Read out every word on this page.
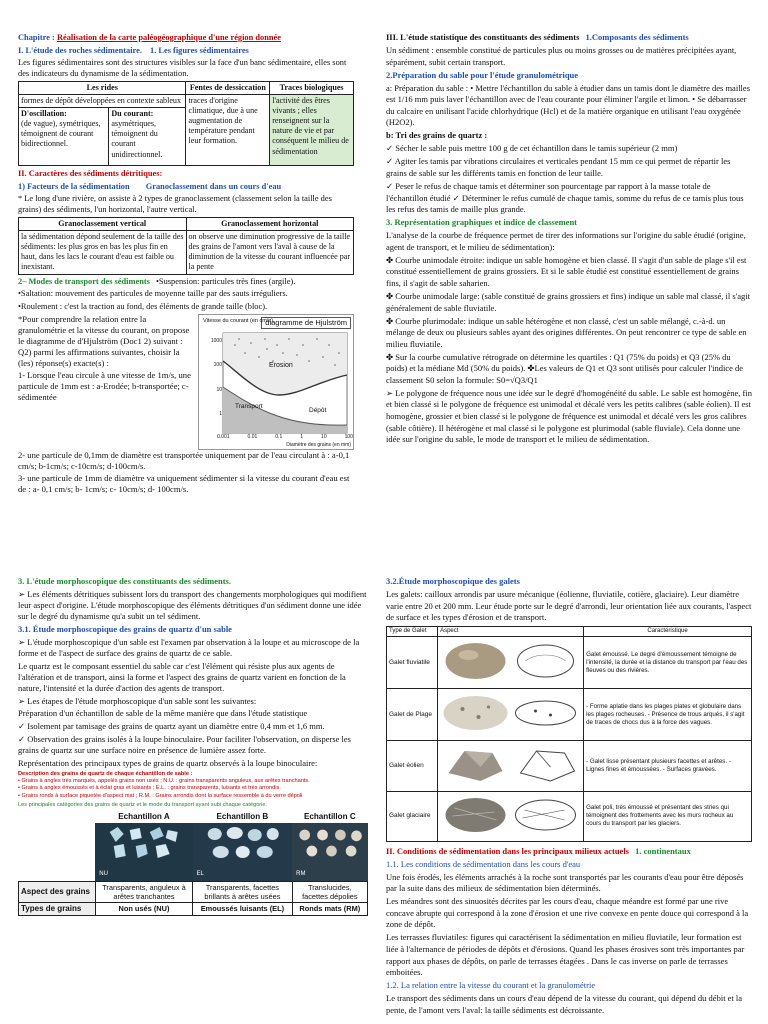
Chapitre : Réalisation de la carte paléogéographique d'une région donnée

I. L'étude des roches sédimentaire. 1. Les figures sédimentaires

Les figures sédimentaires sont des structures visibles sur la face d'un banc sédimentaire, elles sont des indicateurs du dynamisme de la sédimentation.

Les rides		Fentes de dessiccation	Traces biologiques
formes de dépôt développées en contexte sableux		traces d'origine climatique, due à une augmentation de température pendant leur formation.	l'activité des êtres vivants ; elles renseignent sur la nature de vie et par conséquent le milieu de sédimentation
D'oscillation:
(de vague), symétriques, témoignent de courant bidirectionnel.	Du courant:
asymétriques, témoignent du courant unidirectionnel.		

II. Caractères des sédiments détritiques:

1) Facteurs de la sédimentation Granoclassement dans un cours d'eau

* Le long d'une rivière, on assiste à 2 types de granoclassement (classement selon la taille des grains) des sédiments, l'un horizontal, l'autre vertical.

Granoclassement vertical	Granoclassement horizontal
la sédimentation dépond seulement de la taille des sédiments: les plus gros en bas les plus fin en haut, dans les lacs le courant d'eau est faible ou inexistant.	on observe une diminution progressive de la taille des grains de l'amont vers l'aval à cause de la diminution de la vitesse du courant influencée par la pente

2– Modes de transport des sédiments •Suspension: particules très fines (argile).

•Saltation: mouvement des particules de moyenne taille par des sauts irréguliers.

•Roulement : c'est la traction au fond, des éléments de grande taille (bloc).

*Pour comprendre la relation entre la granulométrie et la vitesse du courant, on propose le diagramme de d'Hjulström (Doc1 2) suivant : Q2) parmi les affirmations suivantes, choisir la (les) réponse(s) exacte(s) :

1- Lorsque l'eau circule à une vitesse de 1m/s, une particule de 1mm est : a-Erodée; b-transportée; c-sédimentée

diagramme de Hjulström
Vitesse du courant (en cm/s)
Erosion
Transport
Dépôt
1000
100
10
1
0.001	0.01	0.1	1	10	100
Diamètre des grains (en mm)

2- une particule de 0,1mm de diamètre est transportée uniquement par de l'eau circulant à : a-0,1 cm/s; b-1cm/s; c-10cm/s; d-100cm/s.

3- une particule de 1mm de diamètre va uniquement sédimenter si la vitesse du courant d'eau est de : a- 0,1 cm/s; b- 1cm/s; c- 10cm/s; d- 100cm/s.

III. L'étude statistique des constituants des sédiments 1.Composants des sédiments

Un sédiment : ensemble constitué de particules plus ou moins grosses ou de matières précipitées ayant, séparément, subit certain transport.

2.Préparation du sable pour l'étude granulométrique

a: Préparation du sable : • Mettre l'échantillon du sable à étudier dans un tamis dont le diamètre des mailles est 1/16 mm puis laver l'échantillon avec de l'eau courante pour éliminer l'argile et limon. • Se débarrasser du calcaire en unilisant l'acide chlorhydrique (Hcl) et de la matière organique en utilisant l'eau oxygénée (H2O2).

b: Tri des grains de quartz :

✓ Sécher le sable puis mettre 100 g de cet échantillon dans le tamis supérieur (2 mm)

✓ Agiter les tamis par vibrations circulaires et verticales pendant 15 mm ce qui permet de répartir les grains de sable sur les différents tamis en fonction de leur taille.

✓ Peser le refus de chaque tamis et déterminer son pourcentage par rapport à la masse totale de l'échantillon étudié ✓ Déterminer le refus cumulé de chaque tamis, somme du refus de ce tamis plus tous les refus des tamis de maille plus grande.

3. Représentation graphiques et indice de classement

L'analyse de la courbe de fréquence permet de tirer des informations sur l'origine du sable étudié (origine, agent de transport, et le milieu de sédimentation):

✤ Courbe unimodale étroite: indique un sable homogène et bien classé. Il s'agit d'un sable de plage s'il est constitué essentiellement de grains grossiers. Et si le sable étudié est constitué essentiellement de grains fins, il s'agit de sable saharien.

✤ Courbe unimodale large: (sable constitué de grains grossiers et fins) indique un sable mal classé, il s'agit généralement de sable fluviatile.

✤ Courbe plurimodale: indique un sable hétérogène et non classé, c'est un sable mélangé, c.-à-d. un mélange de deux ou plusieurs sables ayant des origines différentes. On peut rencontrer ce type de sable en milieu fluviatile.

✤ Sur la courbe cumulative rétrograde on détermine les quartiles : Q1 (75% du poids) et Q3 (25% du poids) et la médiane Md (50% du poids). ✤Les valeurs de Q1 et Q3 sont utilisés pour calculer l'indice de classement S0 selon la formule: S0=√Q3/Q1

➢ Le polygone de fréquence nous une idée sur le degré d'homogénéité du sable. Le sable est homogène, fin et bien classé si le polygone de fréquence est unimodal et décalé vers les petits calibres (sable éolien). Il est homogène, grossier et bien classé si le polygone de fréquence est unimodal et décalé vers les gros calibres (sable côtière). Il hétérogène et mal classé si le polygone est plurimodal (sable fluviale). Cela donne une idée sur l'origine du sable, le mode de transport et le milieu de sédimentation.

3. L'étude morphoscopique des constituants des sédiments.

➢ Les éléments détritiques subissent lors du transport des changements morphologiques qui modifient leur aspect d'origine. L'étude morphoscopique des éléments détritiques d'un sédiment donne une idée sur le degré du dynamisme qu'a subit un tel sédiment.

3.1. Étude morphoscopique des grains de quartz d'un sable

➢ L'étude morphoscopique d'un sable est l'examen par observation à la loupe et au microscope de la forme et de l'aspect de surface des grains de quartz de ce sable.

Le quartz est le composant essentiel du sable car c'est l'élément qui résiste plus aux agents de l'altération et de transport, ainsi la forme et l'aspect des grains de quartz varient en fonction de la nature, l'intensité et la durée d'action des agents de transport.

➢ Les étapes de l'étude morphoscopique d'un sable sont les suivantes:

Préparation d'un échantillon de sable de la même manière que dans l'étude statistique

✓ Isolement par tamisage des grains de quartz ayant un diamètre entre 0,4 mm et 1,6 mm.

✓ Observation des grains isolés à la loupe binoculaire. Pour faciliter l'observation, on disperse les grains de quartz sur une surface noire en présence de lumière assez forte.

Représentation des principaux types de grains de quartz observés à la loupe binoculaire:

Description des grains de quartz de chaque échantillon de sable :
• Grains à angles très marqués, appelés grains non usés ; N.U. : grains transparents anguleux, aux arêtes tranchants.
• Grains à angles émoussés et à éclat gras et luisants ; E.L. : grains transparents, luisants et très arrondis.
• Grains ronds à surface piquetée d'aspect mat ; R.M. : Grains arrondis dont la surface ressemble à du verre dépoli
Les principales catégories des grains de quartz et le mode du transport ayant subi chaque catégorie.
	Echantillon A	Echantillon B	Echantillon C

	NU	EL	RM

Aspect des grains	Transparents, anguleux à arêtes tranchantes	Transparents, facettes brillants à arêtes usées	Translucides, facettes dépolies
Types de grains	Non usés (NU)	Emoussés luisants (EL)	Ronds mats (RM)

3.2.Étude morphoscopique des galets

Les galets: cailloux arrondis par usure mécanique (éolienne, fluviatile, cotière, glaciaire). Leur diamètre varie entre 20 et 200 mm. Leur étude porte sur le degré d'arrondi, leur orientation liée aux courants, l'aspect de surface et les types d'érosion et de transport.

Type de Galet	Aspect	Caractéristique
Galet fluviatile		Galet émoussé. Le degré d'émoussement témoigne de l'intensité, la durée et la distance du transport par l'eau des fleuves ou des rivières.
Galet de Plage		- Forme aplatie dans les plages plates et globulaire dans les plages rocheuses. - Présence de trous arqués, il s'agit de traces de chocs dus à la force des vagues.
Galet éolien		- Galet lisse présentant plusieurs facettes et arêtes. - Lignes fines et émoussées. - Surfaces gravées.
Galet glaciaire		Galet poli, très émoussé et présentant des stries qui témoignent des frottements avec les murs rocheux au cours du transport par les glaciers.

II. Conditions de sédimentation dans les principaux milieux actuels 1. continentaux

1.1. Les conditions de sédimentation dans les cours d'eau

Une fois érodés, les éléments arrachés à la roche sont transportés par les courants d'eau pour être déposés par la suite dans des milieux de sédimentation bien déterminés.

Les méandres sont des sinuosités décrites par les cours d'eau, chaque méandre est formé par une rive concave abrupte qui correspond à la zone d'érosion et une rive convexe en pente douce qui correspond à la zone de dépôt.

Les terrasses fluviatiles: figures qui caractérisent la sédimentation en milieu fluviatile, leur formation est liée à l'alternance de périodes de dépôts et d'érosions. Quand les phases érosives sont très importantes par rapport aux phases de dépôts, on parle de terrasses étagées . Dans le cas inverse on parle de terrasses emboitées.

1.2. La relation entre la vitesse du courant et la granulométrie

Le transport des sédiments dans un cours d'eau dépend de la vitesse du courant, qui dépend du débit et la pente, de l'amont vers l'aval: la taille sédiments est décroissante.
